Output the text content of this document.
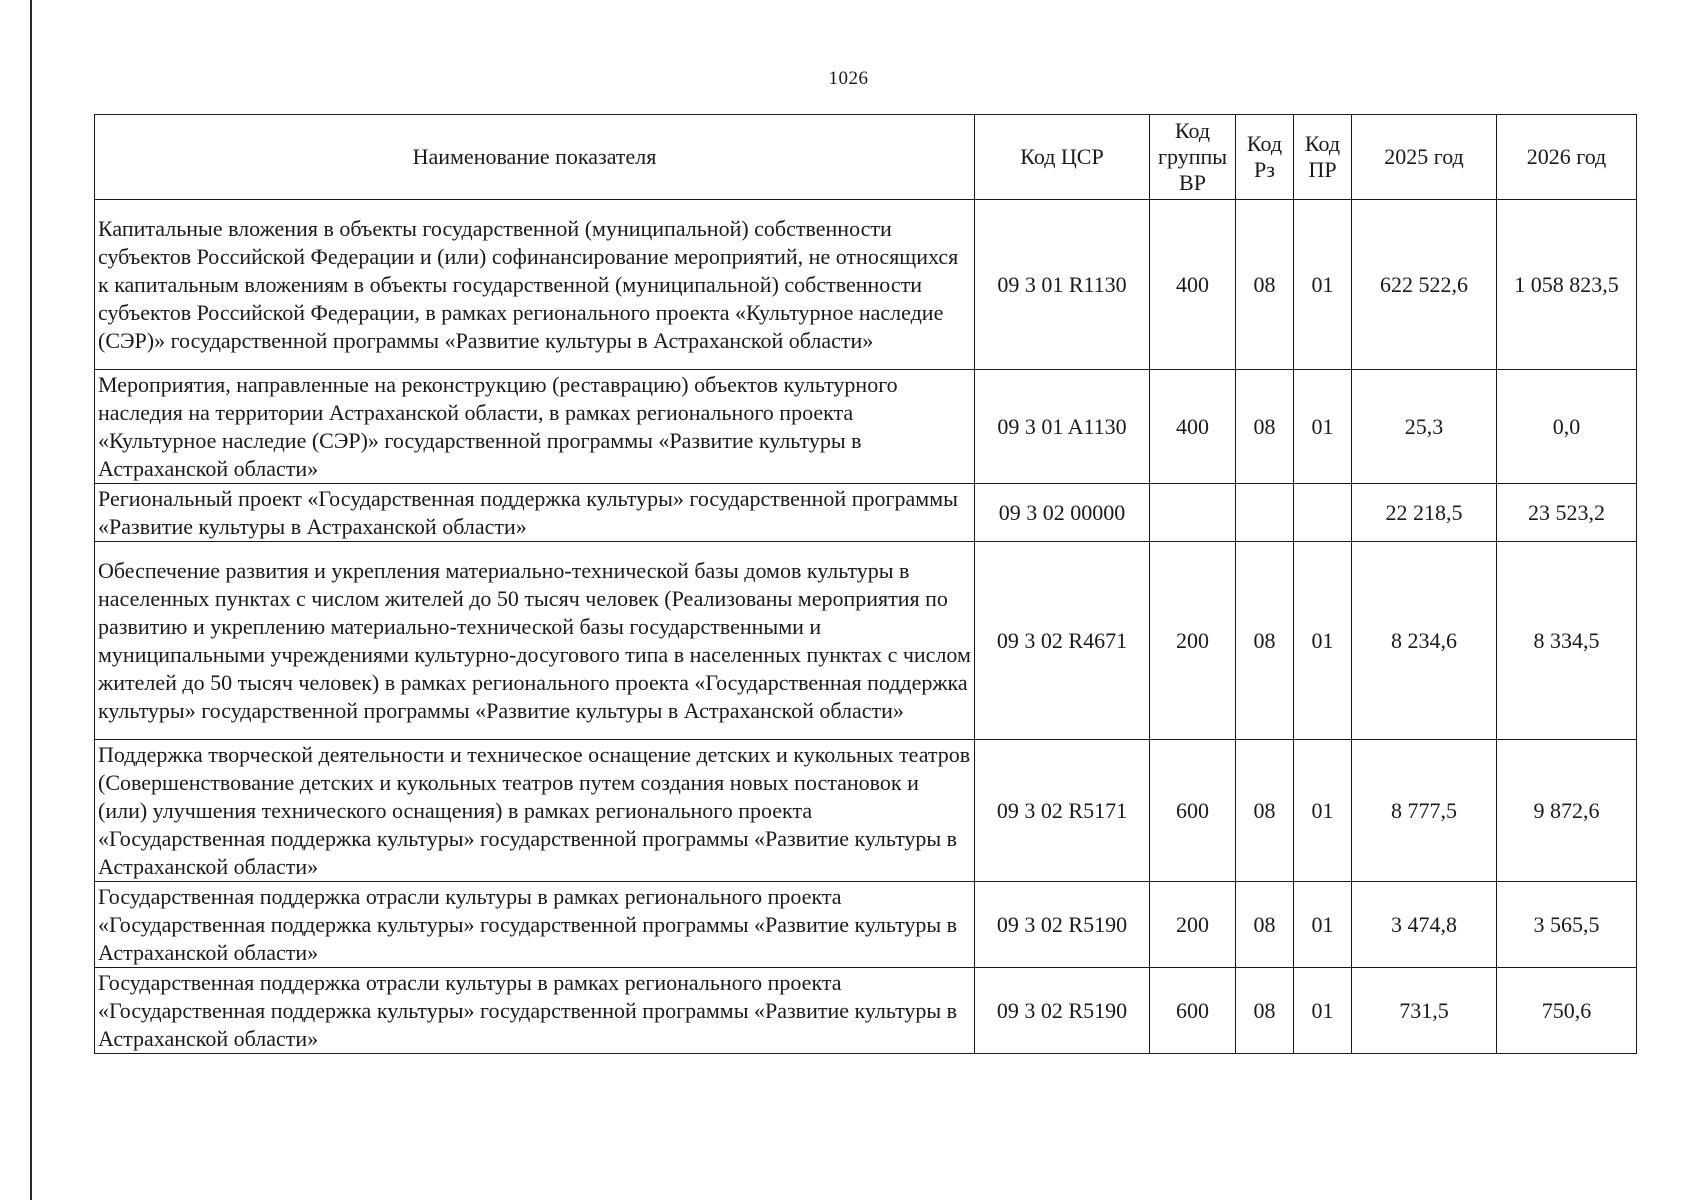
1026
Наименование показателя	Код ЦСР	Код группы ВР	Код Рз	Код ПР	2025 год	2026 год
Капитальные вложения в объекты государственной (муниципальной) собственности субъектов Российской Федерации и (или) софинансирование мероприятий, не относящихся к капитальным вложениям в объекты государственной (муниципальной) собственности субъектов Российской Федерации, в рамках регионального проекта «Культурное наследие (СЭР)» государственной программы «Развитие культуры в Астраханской области»	09 3 01 R1130	400	08	01	622 522,6	1 058 823,5
Мероприятия, направленные на реконструкцию (реставрацию) объектов культурного наследия на территории Астраханской области, в рамках регионального проекта «Культурное наследие (СЭР)» государственной программы «Развитие культуры в Астраханской области»	09 3 01 A1130	400	08	01	25,3	0,0
Региональный проект «Государственная поддержка культуры» государственной программы «Развитие культуры в Астраханской области»	09 3 02 00000				22 218,5	23 523,2
Обеспечение развития и укрепления материально-технической базы домов культуры в населенных пунктах с числом жителей до 50 тысяч человек (Реализованы мероприятия по развитию и укреплению материально-технической базы государственными и муниципальными учреждениями культурно-досугового типа в населенных пунктах с числом жителей до 50 тысяч человек) в рамках регионального проекта «Государственная поддержка культуры» государственной программы «Развитие культуры в Астраханской области»	09 3 02 R4671	200	08	01	8 234,6	8 334,5
Поддержка творческой деятельности и техническое оснащение детских и кукольных театров (Совершенствование детских и кукольных театров путем создания новых постановок и (или) улучшения технического оснащения) в рамках регионального проекта «Государственная поддержка культуры» государственной программы «Развитие культуры в Астраханской области»	09 3 02 R5171	600	08	01	8 777,5	9 872,6
Государственная поддержка отрасли культуры в рамках регионального проекта «Государственная поддержка культуры» государственной программы «Развитие культуры в Астраханской области»	09 3 02 R5190	200	08	01	3 474,8	3 565,5
Государственная поддержка отрасли культуры в рамках регионального проекта «Государственная поддержка культуры» государственной программы «Развитие культуры в Астраханской области»	09 3 02 R5190	600	08	01	731,5	750,6
